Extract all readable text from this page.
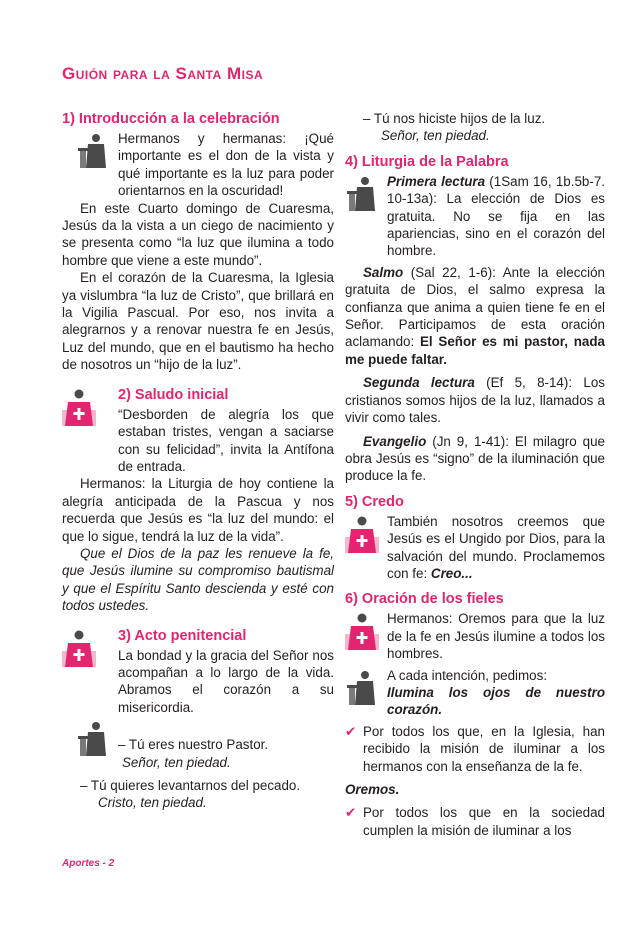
Guión para la Santa Misa
1) Introducción a la celebración
Hermanos y hermanas: ¡Qué importante es el don de la vista y qué importante es la luz para poder orientarnos en la oscuridad!

En este Cuarto domingo de Cuaresma, Jesús da la vista a un ciego de nacimiento y se presenta como “la luz que ilumina a todo hombre que viene a este mundo”.

En el corazón de la Cuaresma, la Iglesia ya vislumbra “la luz de Cristo”, que brillará en la Vigilia Pascual. Por eso, nos invita a alegrarnos y a renovar nuestra fe en Jesús, Luz del mundo, que en el bautismo ha hecho de nosotros un “hijo de la luz”.

2) Saludo inicial
“Desborden de alegría los que estaban tristes, vengan a saciarse con su felicidad”, invita la Antífona de entrada.

Hermanos: la Liturgia de hoy contiene la alegría anticipada de la Pascua y nos recuerda que Jesús es “la luz del mundo: el que lo sigue, tendrá la luz de la vida”.

Que el Dios de la paz les renueve la fe, que Jesús ilumine su compromiso bautismal y que el Espíritu Santo descienda y esté con todos ustedes.

3) Acto penitencial
La bondad y la gracia del Señor nos acompañan a lo largo de la vida. Abramos el corazón a su misericordia.
– Tú eres nuestro Pastor.
Señor, ten piedad.
– Tú quieres levantarnos del pecado.
Cristo, ten piedad.
– Tú nos hiciste hijos de la luz.
Señor, ten piedad.
4) Liturgia de la Palabra
Primera lectura (1Sam 16, 1b.5b-7. 10-13a): La elección de Dios es gratuita. No se fija en las apariencias, sino en el corazón del hombre.

Salmo (Sal 22, 1-6): Ante la elección gratuita de Dios, el salmo expresa la confianza que anima a quien tiene fe en el Señor. Participamos de esta oración aclamando: El Señor es mi pastor, nada me puede faltar.

Segunda lectura (Ef 5, 8-14): Los cristianos somos hijos de la luz, llamados a vivir como tales.

Evangelio (Jn 9, 1-41): El milagro que obra Jesús es “signo” de la iluminación que produce la fe.

5) Credo
También nosotros creemos que Jesús es el Ungido por Dios, para la salvación del mundo. Proclamemos con fe: Creo...
6) Oración de los fieles
Hermanos: Oremos para que la luz de la fe en Jesús ilumine a todos los hombres.
A cada intención, pedimos:
Ilumina los ojos de nuestro corazón.
✔ Por todos los que, en la Iglesia, han recibido la misión de iluminar a los hermanos con la enseñanza de la fe.
Oremos.
✔ Por todos los que en la sociedad cumplen la misión de iluminar a los
Aportes - 2
